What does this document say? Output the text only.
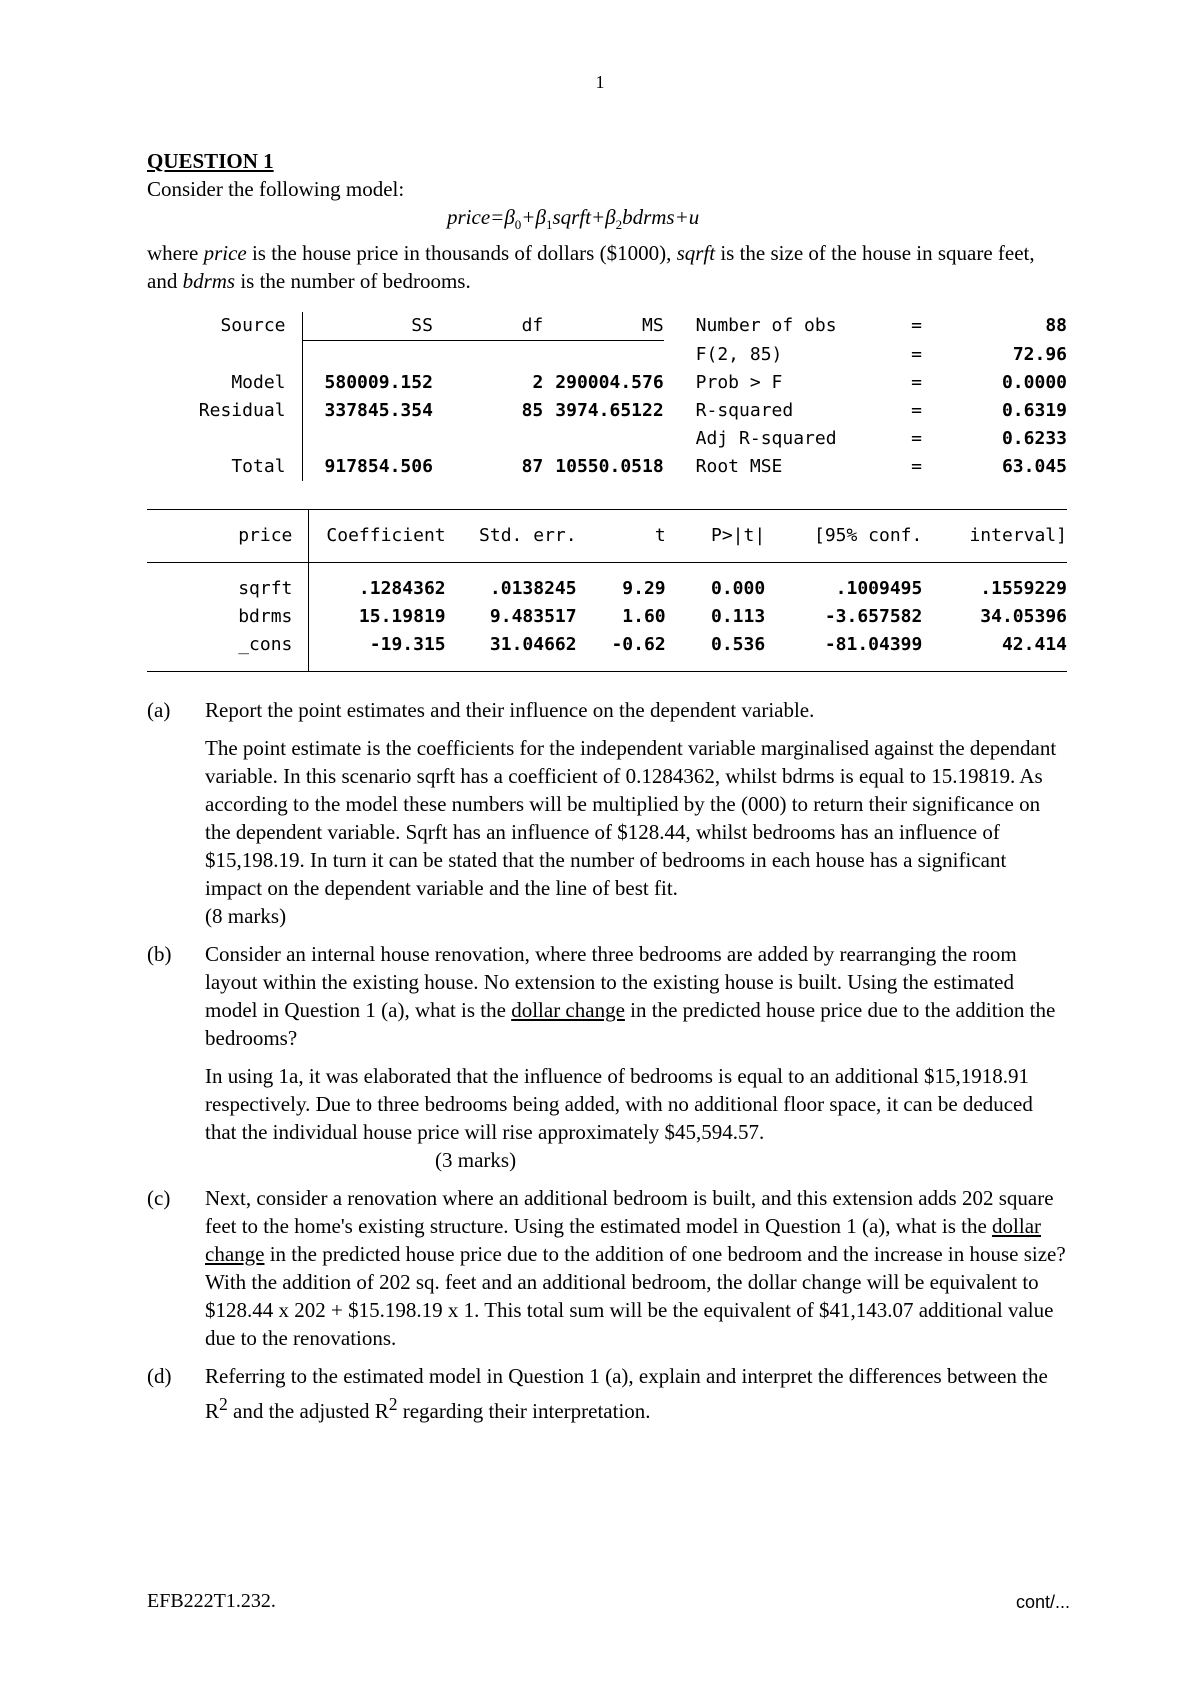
1

QUESTION 1

Consider the following model:

$price=\beta_0+\beta_1sqrft+\beta_2bdrms+u$

where price is the house price in thousands of dollars ($1000), sqrft is the size of the house in square feet, and bdrms is the number of bedrooms.

Source	SS	df	MS	Number of obs	=	88
				F(2, 85)	=	72.96
Model	580009.152	2	290004.576	Prob > F	=	0.0000
Residual	337845.354	85	3974.65122	R-squared	=	0.6319
				Adj R-squared	=	0.6233
Total	917854.506	87	10550.0518	Root MSE	=	63.045
price	Coefficient	Std. err.	t	P>|t|	[95% conf.	interval]
sqrft	.1284362	.0138245	9.29	0.000	.1009495	.1559229
bdrms	15.19819	9.483517	1.60	0.113	-3.657582	34.05396
_cons	-19.315	31.04662	-0.62	0.536	-81.04399	42.414
(a)	Report the point estimates and their influence on the dependent variable.

The point estimate is the coefficients for the independent variable marginalised against the dependant variable. In this scenario sqrft has a coefficient of 0.1284362, whilst bdrms is equal to 15.19819. As according to the model these numbers will be multiplied by the (000) to return their significance on the dependent variable. Sqrft has an influence of $128.44, whilst bedrooms has an influence of $15,198.19. In turn it can be stated that the number of bedrooms in each house has a significant impact on the dependent variable and the line of best fit.
(8 marks)

(b)	Consider an internal house renovation, where three bedrooms are added by rearranging the room layout within the existing house. No extension to the existing house is built. Using the estimated model in Question 1 (a), what is the dollar change in the predicted house price due to the addition the bedrooms?

In using 1a, it was elaborated that the influence of bedrooms is equal to an additional $15,1918.91 respectively. Due to three bedrooms being added, with no additional floor space, it can be deduced that the individual house price will rise approximately $45,594.57.(3 marks)

(c)	Next, consider a renovation where an additional bedroom is built, and this extension adds 202 square feet to the home's existing structure. Using the estimated model in Question 1 (a), what is the dollar change in the predicted house price due to the addition of one bedroom and the increase in house size? With the addition of 202 sq. feet and an additional bedroom, the dollar change will be equivalent to $128.44 x 202 + $15.198.19 x 1. This total sum will be the equivalent of $41,143.07 additional value due to the renovations.

(d)	Referring to the estimated model in Question 1 (a), explain and interpret the differences between the $R^2$ and the adjusted $R^2$ regarding their interpretation.

EFB222T1.232.	cont/...
